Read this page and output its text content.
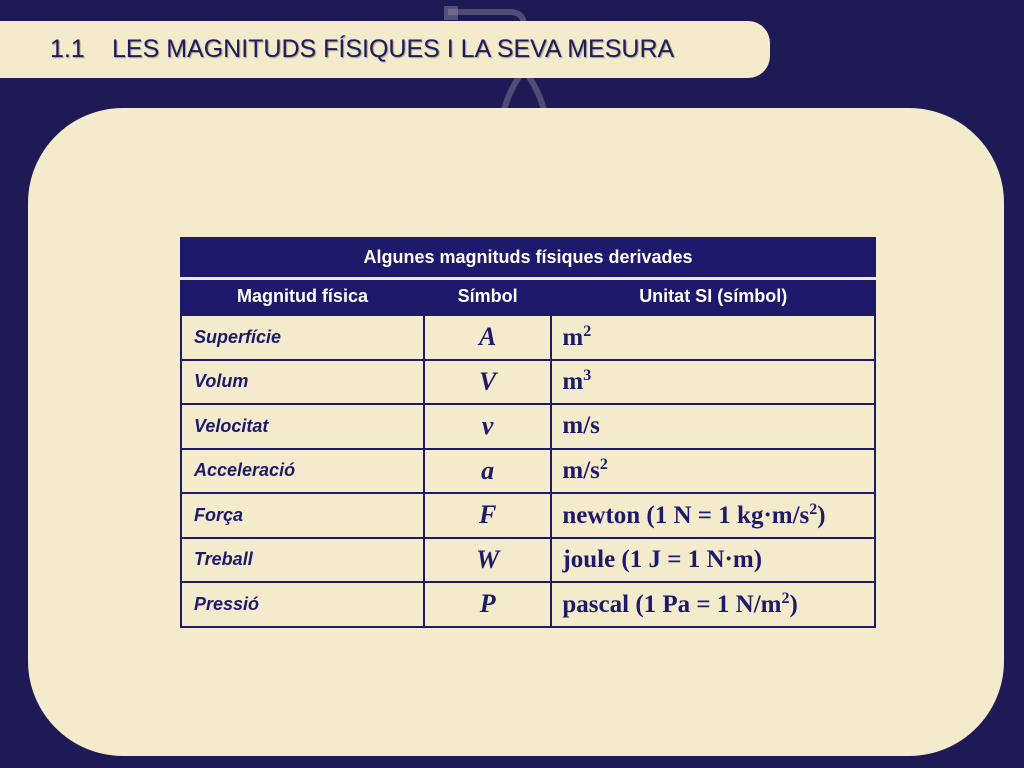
1.1	LES MAGNITUDS FÍSIQUES I LA SEVA MESURA
Algunes magnituds físiques derivades		
Magnitud física	Símbol	Unitat SI (símbol)
Superfície	A	$m^2$
Volum	V	$m^3$
Velocitat	v	m/s
Acceleració	a	$m/s^2$
Força	F	newton (1 N = 1 $kg\cdot m/s^2$)
Treball	W	joule (1 J = 1 N·m)
Pressió	P	pascal (1 Pa = 1 $N/m^2$)
